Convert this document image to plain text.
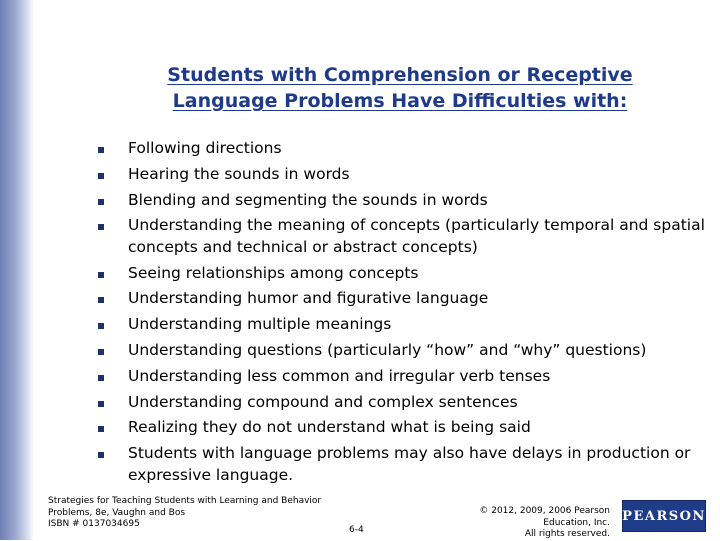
Students with Comprehension or Receptive
Language Problems Have Difficulties with:
Following directions
Hearing the sounds in words
Blending and segmenting the sounds in words
Understanding the meaning of concepts (particularly temporal and spatial concepts and technical or abstract concepts)
Seeing relationships among concepts
Understanding humor and figurative language
Understanding multiple meanings
Understanding questions (particularly “how” and “why” questions)
Understanding less common and irregular verb tenses
Understanding compound and complex sentences
Realizing they do not understand what is being said
Students with language problems may also have delays in production or expressive language.
Strategies for Teaching Students with Learning and Behavior
Problems, 8e, Vaughn and Bos
ISBN # 0137034695
6-4
© 2012, 2009, 2006 Pearson
Education, Inc.
All rights reserved.
PEARSON
